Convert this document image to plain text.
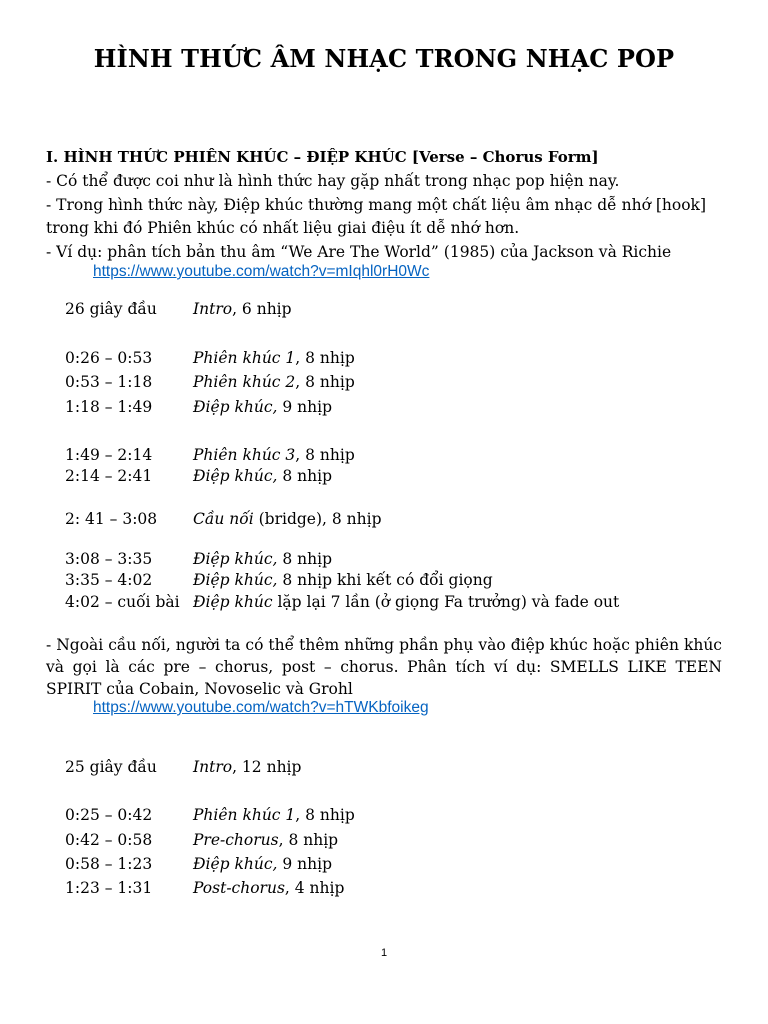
HÌNH THỨC ÂM NHẠC TRONG NHẠC POP

I. HÌNH THỨC PHIÊN KHÚC – ĐIỆP KHÚC [Verse – Chorus Form]

- Có thể được coi như là hình thức hay gặp nhất trong nhạc pop hiện nay.

- Trong hình thức này, Điệp khúc thường mang một chất liệu âm nhạc dễ nhớ [hook]

trong khi đó Phiên khúc có nhất liệu giai điệu ít dễ nhớ hơn.

- Ví dụ: phân tích bản thu âm “We Are The World” (1985) của Jackson và Richie

https://www.youtube.com/watch?v=mIqhl0rH0Wc
26 giây đầu Intro, 6 nhịp
0:26 – 0:53	Phiên khúc 1, 8 nhịp
0:53 – 1:18	Phiên khúc 2, 8 nhịp
1:18 – 1:49	Điệp khúc, 9 nhịp
1:49 – 2:14	Phiên khúc 3, 8 nhịp
2:14 – 2:41	Điệp khúc, 8 nhịp
2: 41 – 3:08 Cầu nối (bridge), 8 nhịp
3:08 – 3:35	Điệp khúc, 8 nhịp
3:35 – 4:02	Điệp khúc, 8 nhịp khi kết có đổi giọng
4:02 – cuối bài Điệp khúc lặp lại 7 lần (ở giọng Fa trưởng) và fade out

- Ngoài cầu nối, người ta có thể thêm những phần phụ vào điệp khúc hoặc phiên khúc và gọi là các pre – chorus, post – chorus. Phân tích ví dụ: SMELLS LIKE TEEN SPIRIT của Cobain, Novoselic và Grohl

https://www.youtube.com/watch?v=hTWKbfoikeg
25 giây đầu Intro, 12 nhịp
0:25 – 0:42	Phiên khúc 1, 8 nhịp
0:42 – 0:58	Pre-chorus, 8 nhịp
0:58 – 1:23	Điệp khúc, 9 nhịp
1:23 – 1:31	Post-chorus, 4 nhịp
1
